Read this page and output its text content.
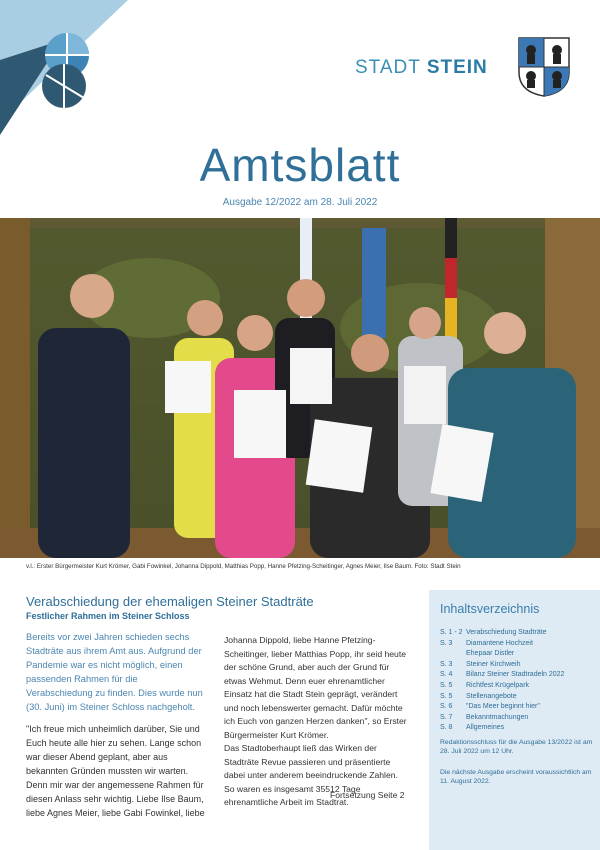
STADT STEIN
Amtsblatt
Ausgabe 12/2022 am 28. Juli 2022
v.l.: Erster Bürgermeister Kurt Krömer, Gabi Fowinkel, Johanna Dippold, Matthias Popp, Hanne Pfetzing-Scheitinger, Agnes Meier, Ilse Baum. Foto: Stadt Stein
Verabschiedung der ehemaligen Steiner Stadträte
Festlicher Rahmen im Steiner Schloss

Bereits vor zwei Jahren schieden sechs Stadträte aus ihrem Amt aus. Aufgrund der Pandemie war es nicht möglich, einen passenden Rahmen für die Verabschiedung zu finden. Dies wurde nun (30. Juni) im Steiner Schloss nachgeholt.

"Ich freue mich unheimlich darüber, Sie und Euch heute alle hier zu sehen. Lange schon war dieser Abend geplant, aber aus bekannten Gründen mussten wir warten. Denn mir war der angemessene Rahmen für diesen Anlass sehr wichtig. Liebe Ilse Baum, liebe Agnes Meier, liebe Gabi Fowinkel, liebe

Johanna Dippold, liebe Hanne Pfetzing-Scheitinger, lieber Matthias Popp, ihr seid heute der schöne Grund, aber auch der Grund für etwas Wehmut. Denn euer ehrenamtlicher Einsatz hat die Stadt Stein geprägt, verändert und noch lebenswerter gemacht. Dafür möchte ich Euch von ganzen Herzen danken", so Erster Bürgermeister Kurt Krömer.

Das Stadtoberhaupt ließ das Wirken der Stadträte Revue passieren und präsentierte dabei unter anderem beeindruckende Zahlen. So waren es insgesamt 35512 Tage ehrenamtliche Arbeit im Stadtrat.

Fortsetzung Seite 2
Inhaltsverzeichnis
S. 1 - 2 Verabschiedung Stadträte
S. 3	Diamantene Hochzeit
Ehepaar Distler
S. 3	Steiner Kirchweih
S. 4	Bilanz Steiner Stadtradeln 2022
S. 5	Richtfest Krügelpark
S. 5	Stellenangebote
S. 6	"Das Meer beginnt hier"
S. 7	Bekanntmachungen
S. 8	Allgemeines
Redaktionsschluss für die Ausgabe 13/2022 ist am 28. Juli 2022 um 12 Uhr.
Die nächste Ausgabe erscheint voraussichtlich am 11. August 2022.
